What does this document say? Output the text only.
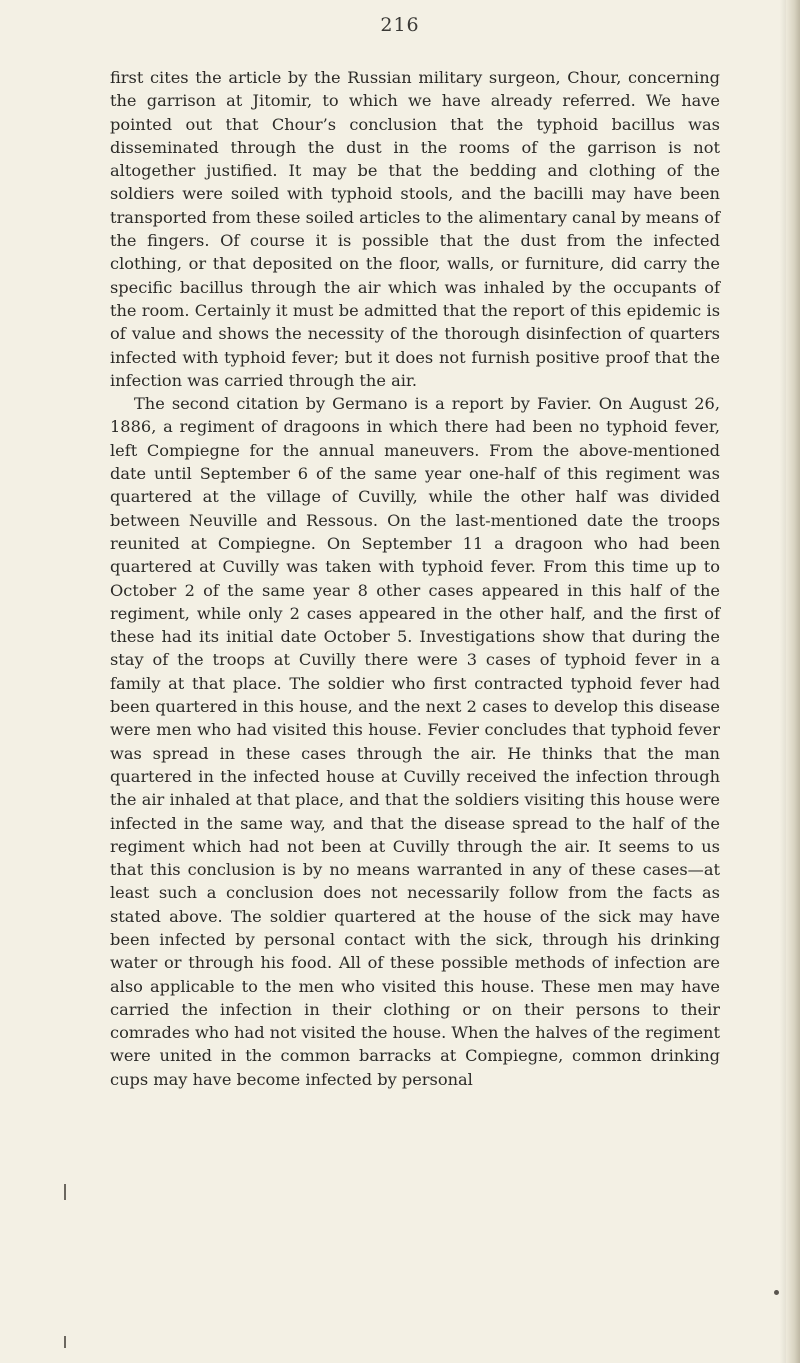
216

first cites the article by the Russian military surgeon, Chour, concerning the garrison at Jitomir, to which we have already referred. We have pointed out that Chour’s conclusion that the typhoid bacillus was disseminated through the dust in the rooms of the garrison is not altogether justified. It may be that the bedding and clothing of the soldiers were soiled with typhoid stools, and the bacilli may have been transported from these soiled articles to the alimentary canal by means of the fingers. Of course it is possible that the dust from the infected clothing, or that deposited on the floor, walls, or furniture, did carry the specific bacillus through the air which was inhaled by the occupants of the room. Certainly it must be admitted that the report of this epidemic is of value and shows the necessity of the thorough disinfection of quarters infected with typhoid fever; but it does not furnish positive proof that the infection was carried through the air.

The second citation by Germano is a report by Favier. On August 26, 1886, a regiment of dragoons in which there had been no typhoid fever, left Compiegne for the annual maneuvers. From the above-mentioned date until September 6 of the same year one-half of this regiment was quartered at the village of Cuvilly, while the other half was divided between Neuville and Ressous. On the last-mentioned date the troops reunited at Compiegne. On September 11 a dragoon who had been quartered at Cuvilly was taken with typhoid fever. From this time up to October 2 of the same year 8 other cases appeared in this half of the regiment, while only 2 cases appeared in the other half, and the first of these had its initial date October 5. Investigations show that during the stay of the troops at Cuvilly there were 3 cases of typhoid fever in a family at that place. The soldier who first contracted typhoid fever had been quartered in this house, and the next 2 cases to develop this disease were men who had visited this house. Fevier concludes that typhoid fever was spread in these cases through the air. He thinks that the man quartered in the infected house at Cuvilly received the infection through the air inhaled at that place, and that the soldiers visiting this house were infected in the same way, and that the disease spread to the half of the regiment which had not been at Cuvilly through the air. It seems to us that this conclusion is by no means warranted in any of these cases—at least such a conclusion does not necessarily follow from the facts as stated above. The soldier quartered at the house of the sick may have been infected by personal contact with the sick, through his drinking water or through his food. All of these possible methods of infection are also applicable to the men who visited this house. These men may have carried the infection in their clothing or on their persons to their comrades who had not visited the house. When the halves of the regiment were united in the common barracks at Compiegne, common drinking cups may have become infected by personal
